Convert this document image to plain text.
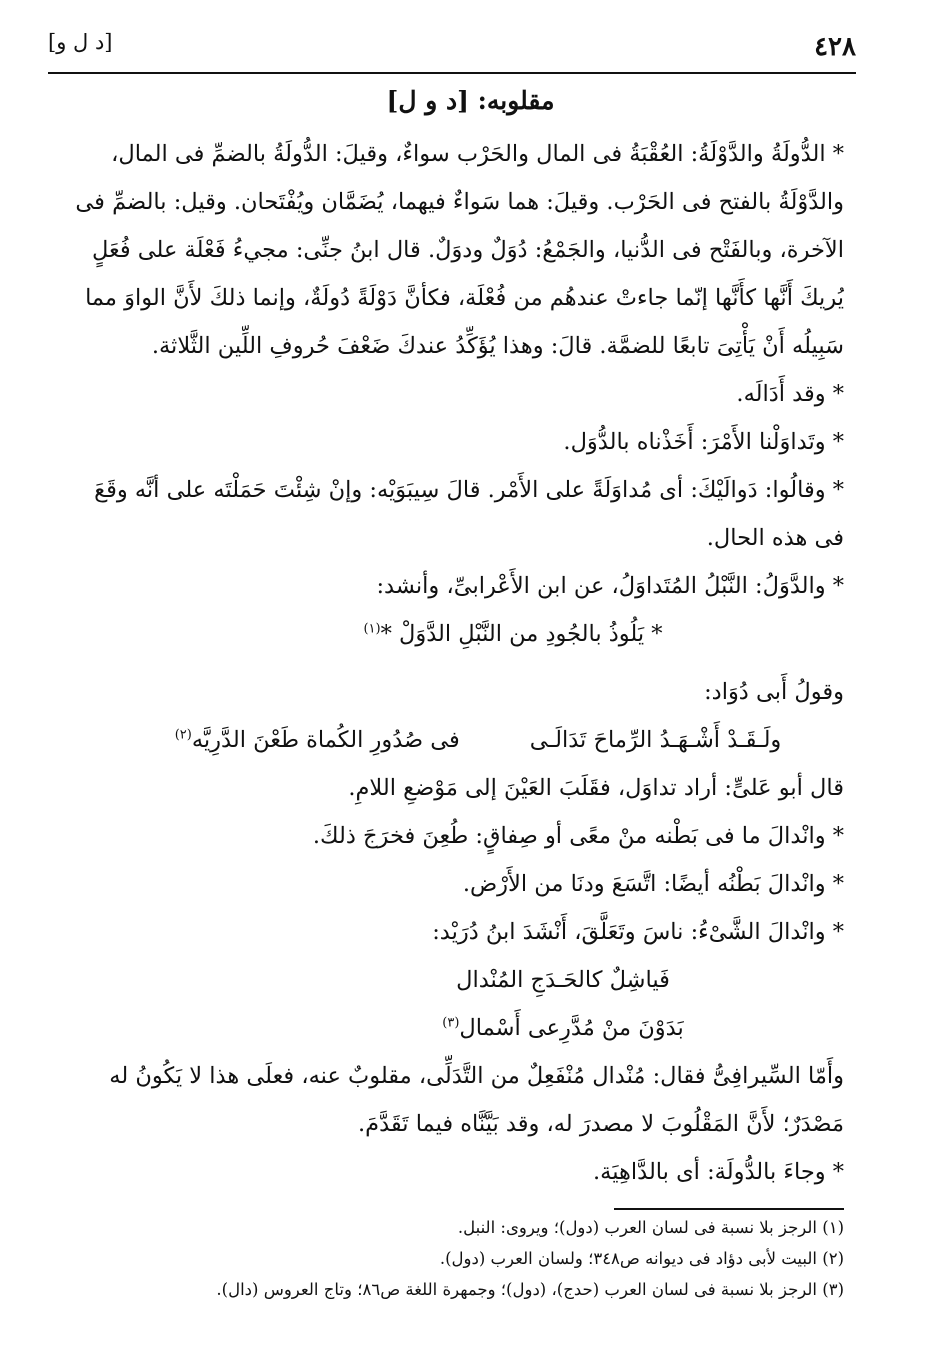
٤٢٨
[د ل و]
مقلوبه: [د و ل]

* الدُّولَةُ والدَّوْلَةُ: العُقْبَةُ فى المال والحَرْب سواءٌ، وقيلَ: الدُّولَةُ بالضمِّ فى المال،
والدَّوْلَةُ بالفتح فى الحَرْب. وقيلَ: هما سَواءٌ فيهما، يُضَمَّان ويُفْتَحان. وقيل: بالضمِّ فى
الآخرة، وبالفَتْح فى الدُّنيا، والجَمْعُ: دُوَلٌ ودوَلٌ. قال ابنُ جنِّى: مجيءُ فَعْلَة على فُعَلٍ
يُريكَ أَنَّها كأَنَّها إنّما جاءتْ عندهُم من فُعْلَة، فكأنَّ دَوْلَةً دُولَةٌ، وإنما ذلكَ لأَنَّ الواوَ مما
سَبِيلُه أَنْ يَأْتِىَ تابعًا للضمَّة. قالَ: وهذا يُؤَكِّدُ عندكَ ضَعْفَ حُروفِ اللِّين الثَّلاثة.

* وقد أَدَالَه.

* وتَداوَلْنا الأَمْرَ: أَخَذْناه بالدُّوَل.

* وقالُوا: دَوالَيْكَ: أى مُداوَلَةً على الأَمْر. قالَ سِيبَوَيْه: وإنْ شِئْتَ حَمَلْتَه على أنَّه وقَعَ
فى هذه الحال.

* والدَّوَلُ: النَّبْلُ المُتَداوَلُ، عن ابن الأَعْرابىِّ، وأنشد:

* يَلُوذُ بالجُودِ من النَّبْلِ الدَّوَلْ *$^{(١)}$

وقولُ أَبى دُوَاد:

ولَـقَـدْ أَشْـهَـدُ الرِّماحَ تَدَالَـى
فى صُدُورِ الكُماة طَعْنَ الدَّرِيَّه$^{(٢)}$

قال أبو عَلىٍّ: أراد تداوَل، فقَلَبَ العَيْنَ إلى مَوْضعِ اللامِ.

* وانْدالَ ما فى بَطْنه منْ معًى أو صِفاقٍ: طُعِنَ فخرَجَ ذلكَ.

* وانْدالَ بَطْنُه أيضًا: اتَّسَعَ ودنَا من الأَرْض.

* وانْدالَ الشَّىْءُ: ناسَ وتَعَلَّقَ، أَنْشَدَ ابنُ دُرَيْد:

فَياشِلٌ كالحَـدَجِ المُنْدال
بَدَوْنَ منْ مُدَّرِعى أَسْمال$^{(٣)}$

وأَمّا السِّيرافِىُّ فقال: مُنْدال مُنْفَعِلٌ من التَّدَلِّى، مقلوبٌ عنه، فعلَى هذا لا يَكُونُ له
مَصْدَرٌ؛ لأَنَّ المَقْلُوبَ لا مصدرَ له، وقد بَيَّنَّاه فيما تَقَدَّمَ.

* وجاءَ بالدُّولَة: أى بالدَّاهِيَة.

(١) الرجز بلا نسبة فى لسان العرب (دول)؛ ويروى: النبل.
(٢) البيت لأبى دؤاد فى ديوانه ص٣٤٨؛ ولسان العرب (دول).
(٣) الرجز بلا نسبة فى لسان العرب (حدج)، (دول)؛ وجمهرة اللغة ص٨٦؛ وتاج العروس (دال).
